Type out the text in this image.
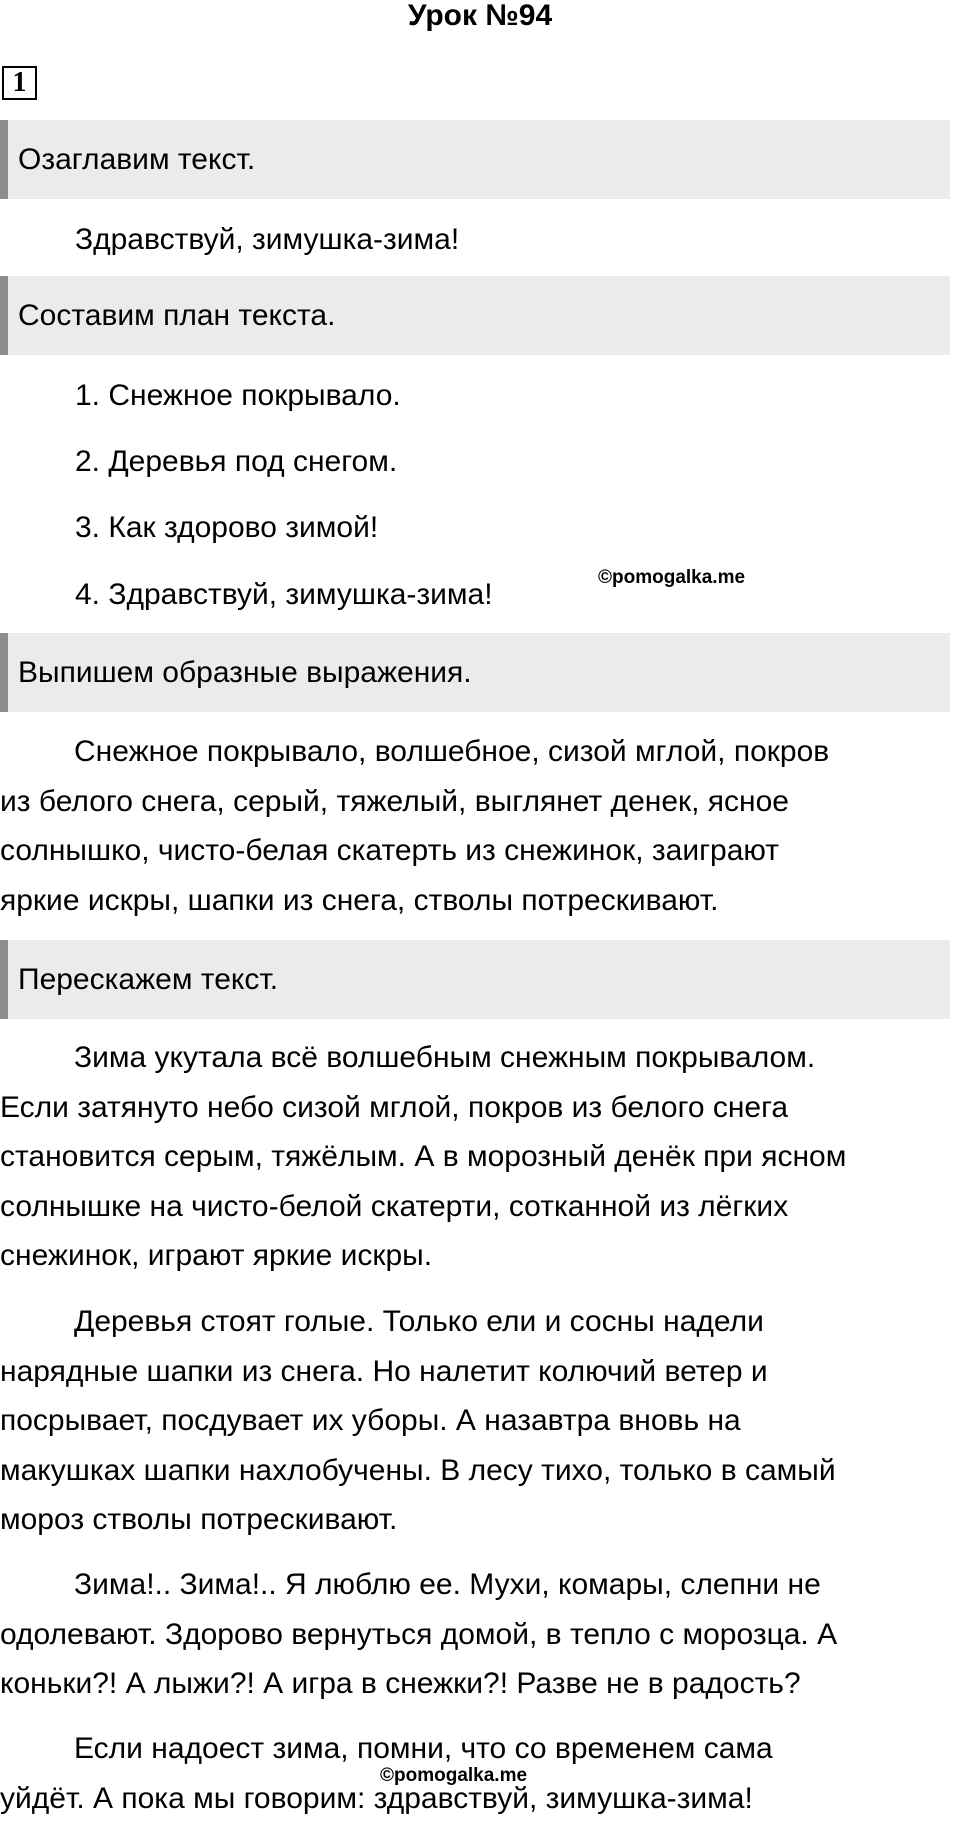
Урок №94
1
Озаглавим текст.
Здравствуй, зимушка-зима!
Составим план текста.
1. Снежное покрывало.
2. Деревья под снегом.
3. Как здорово зимой!
4. Здравствуй, зимушка-зима!
©pomogalka.me
Выпишем образные выражения.
Снежное покрывало, волшебное, сизой мглой, покров
из белого снега, серый, тяжелый, выглянет денек, ясное
солнышко, чисто-белая скатерть из снежинок, заиграют
яркие искры, шапки из снега, стволы потрескивают.
Перескажем текст.
Зима укутала всё волшебным снежным покрывалом.
Если затянуто небо сизой мглой, покров из белого снега
становится серым, тяжёлым. А в морозный денёк при ясном
солнышке на чисто-белой скатерти, сотканной из лёгких
снежинок, играют яркие искры.
Деревья стоят голые. Только ели и сосны надели
нарядные шапки из снега. Но налетит колючий ветер и
посрывает, посдувает их уборы. А назавтра вновь на
макушках шапки нахлобучены. В лесу тихо, только в самый
мороз стволы потрескивают.
Зима!.. Зима!.. Я люблю ее. Мухи, комары, слепни не
одолевают. Здорово вернуться домой, в тепло с морозца. А
коньки?! А лыжи?! А игра в снежки?! Разве не в радость?
Если надоест зима, помни, что со временем сама
уйдёт. А пока мы говорим: здравствуй, зимушка-зима!
©pomogalka.me
